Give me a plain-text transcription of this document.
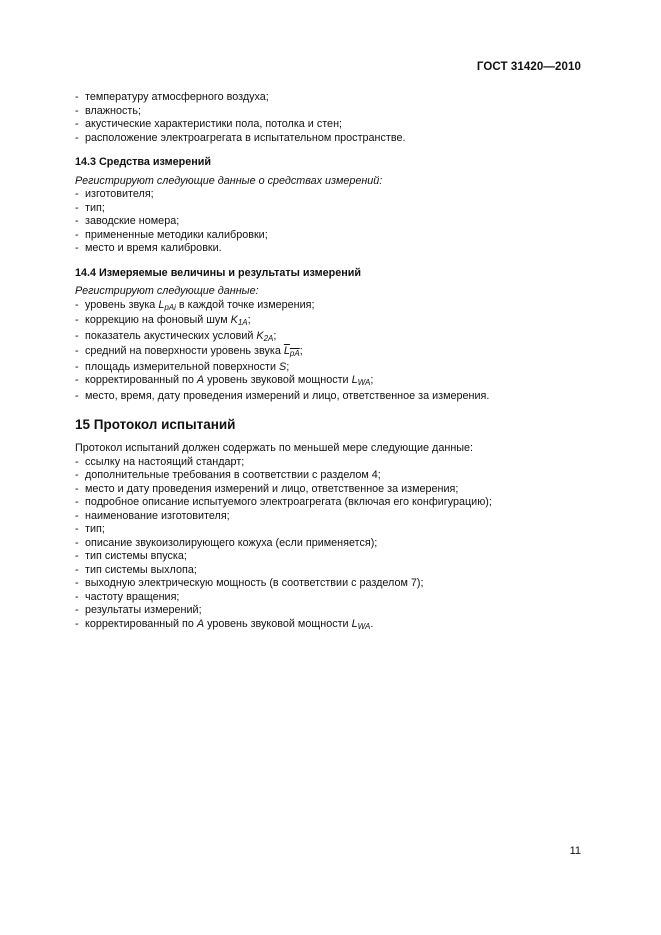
ГОСТ 31420—2010
- температуру атмосферного воздуха;
- влажность;
- акустические характеристики пола, потолка и стен;
- расположение электроагрегата в испытательном пространстве.
14.3 Средства измерений
Регистрируют следующие данные о средствах измерений:
- изготовителя;
- тип;
- заводские номера;
- примененные методики калибровки;
- место и время калибровки.
14.4 Измеряемые величины и результаты измерений
Регистрируют следующие данные:
- уровень звука $L_{pAi}$ в каждой точке измерения;
- коррекцию на фоновый шум $K_{1A}$;
- показатель акустических условий $K_{2A}$;
- средний на поверхности уровень звука $L_{pA}$;
- площадь измерительной поверхности S;
- корректированный по A уровень звуковой мощности $L_{WA}$;
- место, время, дату проведения измерений и лицо, ответственное за измерения.
15 Протокол испытаний
Протокол испытаний должен содержать по меньшей мере следующие данные:
- ссылку на настоящий стандарт;
- дополнительные требования в соответствии с разделом 4;
- место и дату проведения измерений и лицо, ответственное за измерения;
- подробное описание испытуемого электроагрегата (включая его конфигурацию);
- наименование изготовителя;
- тип;
- описание звукоизолирующего кожуха (если применяется);
- тип системы впуска;
- тип системы выхлопа;
- выходную электрическую мощность (в соответствии с разделом 7);
- частоту вращения;
- результаты измерений;
- корректированный по A уровень звуковой мощности $L_{WA}$.
11
